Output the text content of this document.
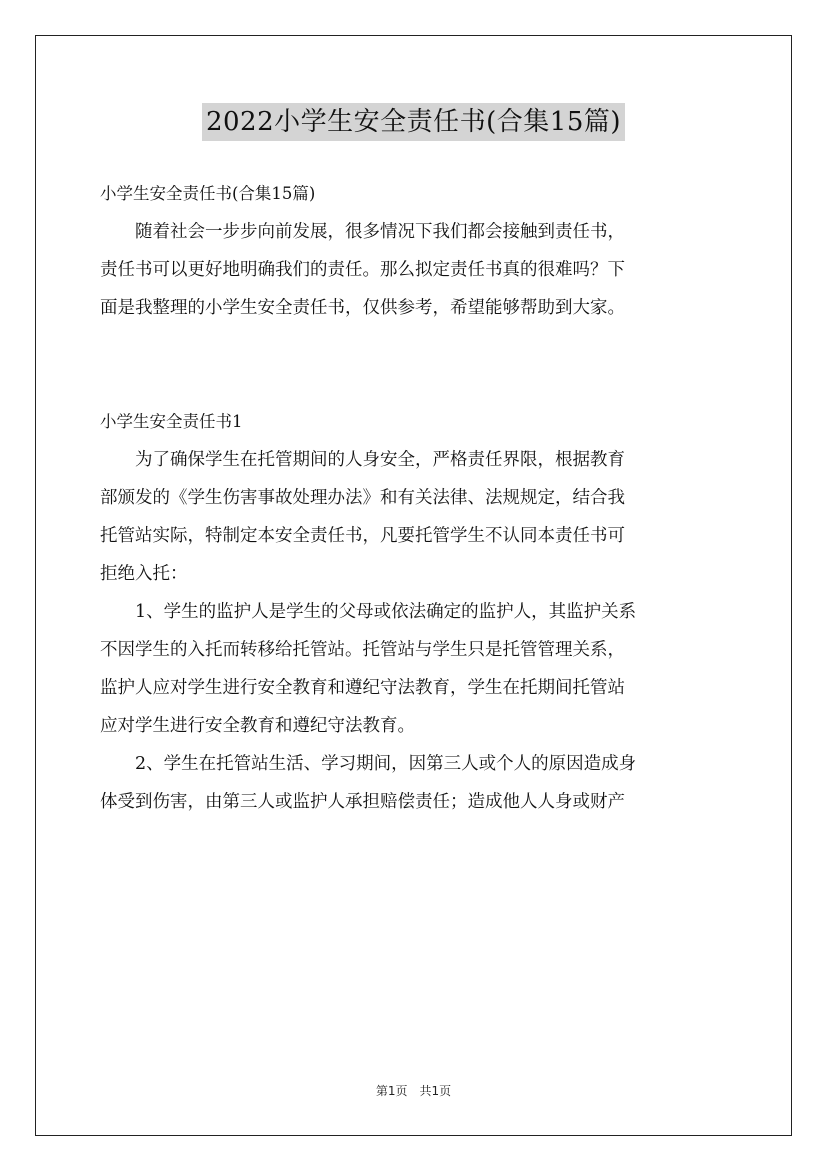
2022小学生安全责任书(合集15篇)
小学生安全责任书(合集15篇)
　　随着社会一步步向前发展，很多情况下我们都会接触到责任书，
责任书可以更好地明确我们的责任。那么拟定责任书真的很难吗？下
面是我整理的小学生安全责任书，仅供参考，希望能够帮助到大家。
小学生安全责任书1
　　为了确保学生在托管期间的人身安全，严格责任界限，根据教育
部颁发的《学生伤害事故处理办法》和有关法律、法规规定，结合我
托管站实际，特制定本安全责任书，凡要托管学生不认同本责任书可
拒绝入托：
　　1、学生的监护人是学生的父母或依法确定的监护人，其监护关系
不因学生的入托而转移给托管站。托管站与学生只是托管管理关系，
监护人应对学生进行安全教育和遵纪守法教育，学生在托期间托管站
应对学生进行安全教育和遵纪守法教育。
　　2、学生在托管站生活、学习期间，因第三人或个人的原因造成身
体受到伤害，由第三人或监护人承担赔偿责任；造成他人人身或财产
第1页　共1页
